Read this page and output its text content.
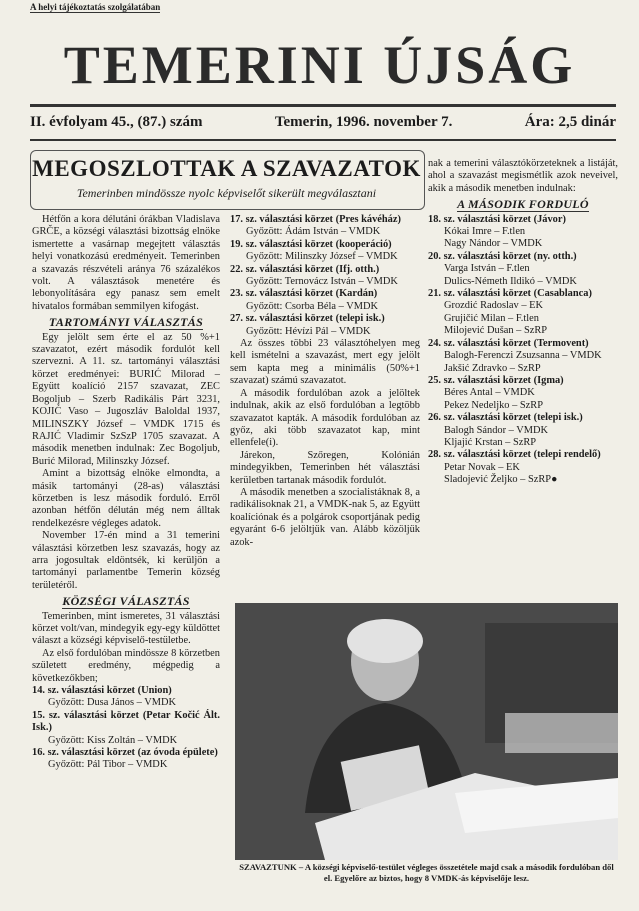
A helyi tájékoztatás szolgálatában
TEMERINI ÚJSÁG
II. évfolyam 45., (87.) szám	Temerin, 1996. november 7.	Ára: 2,5 dinár
MEGOSZLOTTAK A SZAVAZATOK
Temerinben mindössze nyolc képviselőt sikerült megválasztani

Hétfőn a kora délutáni órákban Vladislava GRČE, a községi választási bizottság elnöke ismertette a vasárnap megejtett választás helyi vonatkozású eredményeit. Temerinben a szavazás részvételi aránya 76 százalékos volt. A választások menetére és lebonyolítására egy panasz sem emelt hivatalos formában semmilyen kifogást.

TARTOMÁNYI VÁLASZTÁS

Egy jelölt sem érte el az 50 %+1 szavazatot, ezért második fordulót kell szervezni. A 11. sz. tartományi választási körzet eredményei: BURIĆ Milorad – Együtt koalíció 2157 szavazat, ZEC Bogoljub – Szerb Radikális Párt 3231, KOJIĆ Vaso – Jugoszláv Baloldal 1937, MILINSZKY József – VMDK 1715 és RAJIĆ Vladimir SzSzP 1705 szavazat. A második menetben indulnak: Zec Bogoljub, Burić Milorad, Milinszky József.

Amint a bizottság elnöke elmondta, a másik tartományi (28-as) választási körzetben is lesz második forduló. Erről azonban hétfőn délután még nem álltak rendelkezésre végleges adatok.

November 17-én mind a 31 temerini választási körzetben lesz szavazás, hogy az arra jogosultak eldöntsék, ki kerüljön a tartományi parlamentbe Temerin község területéről.

KÖZSÉGI VÁLASZTÁS

Temerinben, mint ismeretes, 31 választási körzet volt/van, mindegyik egy-egy küldöttet választ a községi képviselő-testületbe.

Az első fordulóban mindössze 8 körzetben született eredmény, mégpedig a következőkben;

14. sz. választási körzet (Union)

Győzött: Dusa János – VMDK

15. sz. választási körzet (Petar Kočić Ált. Isk.)

Győzött: Kiss Zoltán – VMDK

16. sz. választási körzet (az óvoda épülete)

Győzött: Pál Tibor – VMDK

17. sz. választási körzet (Pres kávéház)

Győzött: Ádám István – VMDK

19. sz. választási körzet (kooperáció)

Győzött: Milinszky József – VMDK

22. sz. választási körzet (Ifj. otth.)

Győzött: Ternovácz István – VMDK

23. sz. választási körzet (Kardán)

Győzött: Csorba Béla – VMDK

27. sz. választási körzet (telepi isk.)

Győzött: Hévízi Pál – VMDK

Az összes többi 23 választóhelyen meg kell ismételni a szavazást, mert egy jelölt sem kapta meg a minimális (50%+1 szavazat) számú szavazatot.

A második fordulóban azok a jelöltek indulnak, akik az első fordulóban a legtöbb szavazatot kapták. A második fordulóban az győz, aki több szavazatot kap, mint ellenfele(i).

Járekon, Szőregen, Kolónián mindegyikben, Temerinben hét választási kerületben tartanak második fordulót.

A második menetben a szocialistáknak 8, a radikálisoknak 21, a VMDK-nak 5, az Együtt koalíciónak és a polgárok csoportjának pedig egyaránt 6-6 jelöltjük van. Alább közöljük azok-

nak a temerini választókörzeteknek a listáját, ahol a szavazást megismétlik azok neveivel, akik a második menetben indulnak:

A MÁSODIK FORDULÓ

18. sz. választási körzet (Jávor)

Kókai Imre – F.tlen

Nagy Nándor – VMDK

20. sz. választási körzet (ny. otth.)

Varga István – F.tlen

Dulics-Németh Ildikó – VMDK

21. sz. választási körzet (Casablanca)

Grozdić Radoslav – EK

Grujičić Milan – F.tlen

Milojević Dušan – SzRP

24. sz. választási körzet (Termovent)

Balogh-Ferenczi Zsuzsanna – VMDK

Jakšić Zdravko – SzRP

25. sz. választási körzet (Igma)

Béres Antal – VMDK

Pekez Nedeljko – SzRP

26. sz. választási körzet (telepi isk.)

Balogh Sándor – VMDK

Kljajić Krstan – SzRP

28. sz. választási körzet (telepi rendelő)

Petar Novak – EK

Sladojević Željko – SzRP●

SZAVAZTUNK – A községi képviselő-testület végleges összetétele majd csak a második fordulóban dől el. Egyelőre az biztos, hogy 8 VMDK-ás képviselője lesz.
